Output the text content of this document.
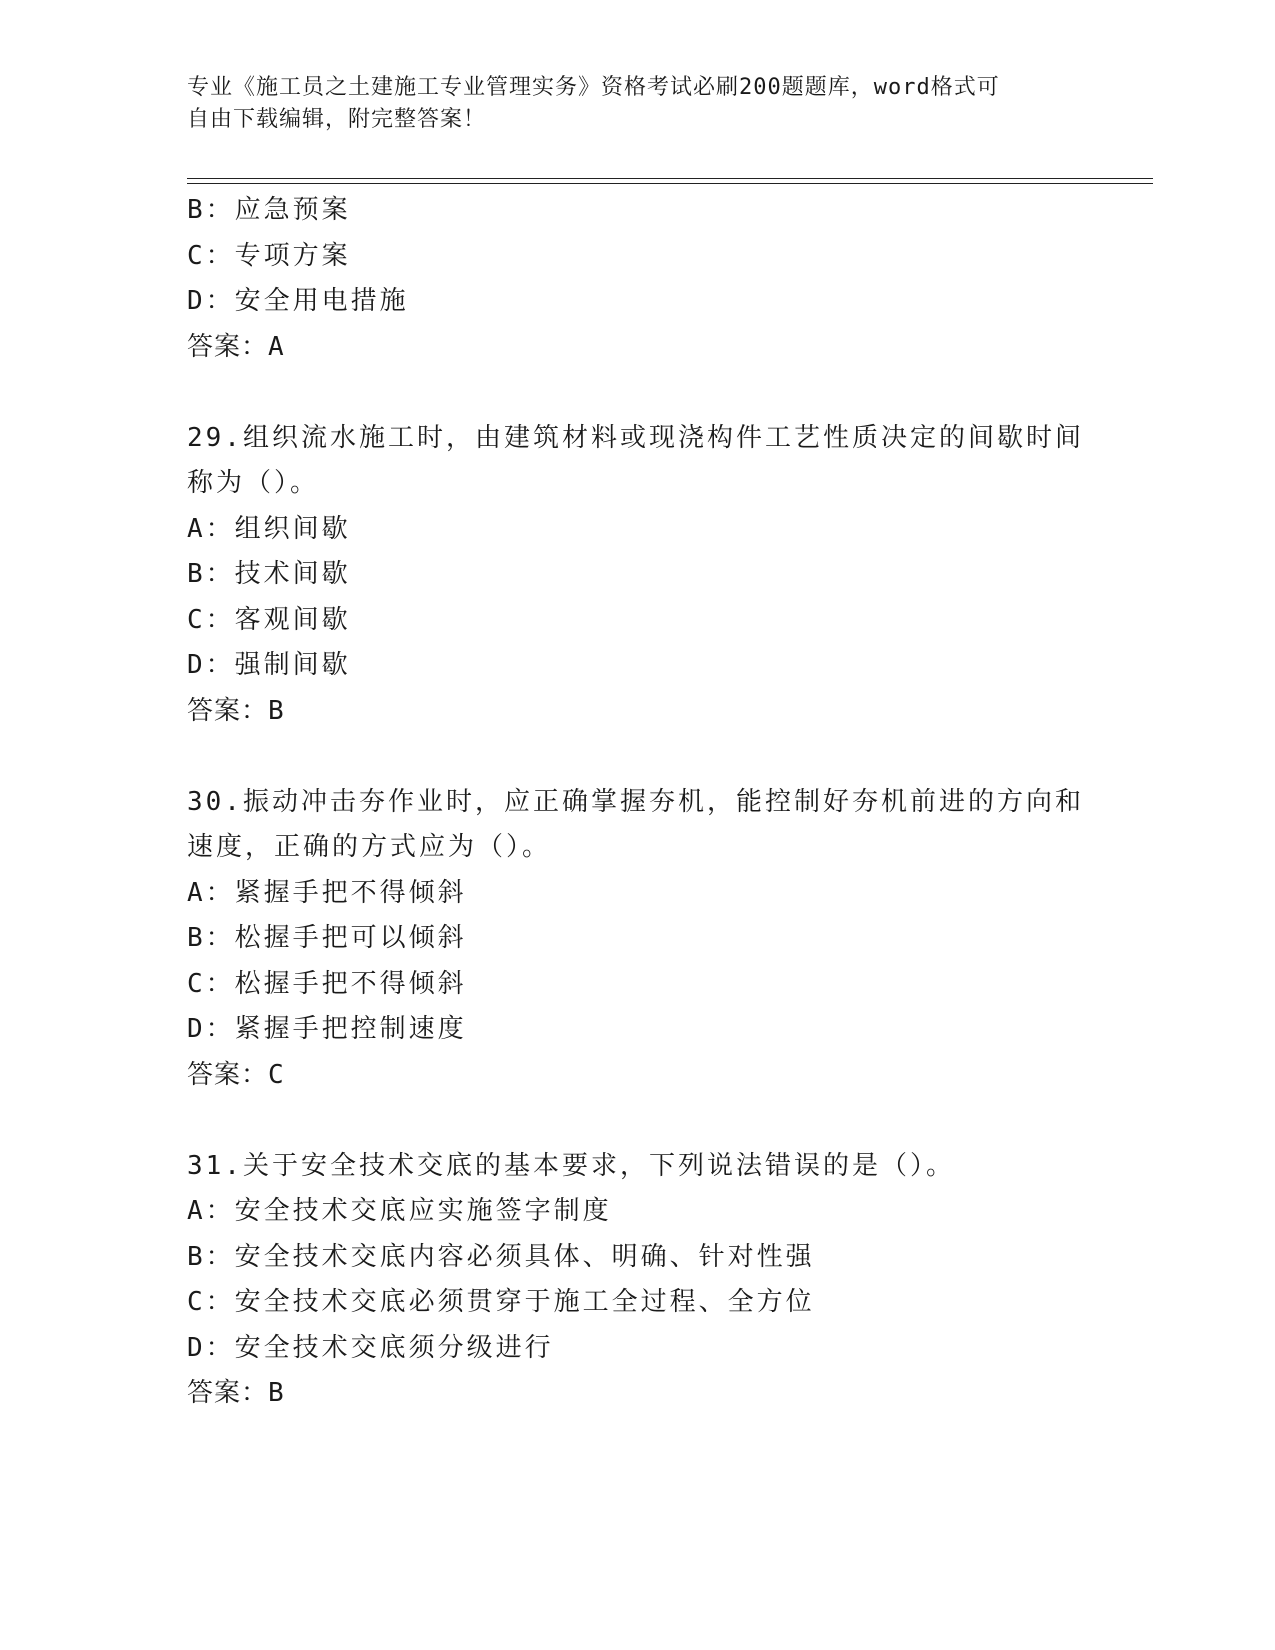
专业《施工员之土建施工专业管理实务》资格考试必刷200题题库，word格式可
自由下载编辑，附完整答案！
B：应急预案
C：专项方案
D：安全用电措施
答案：A
29.组织流水施工时，由建筑材料或现浇构件工艺性质决定的间歇时间
称为（）。
A：组织间歇
B：技术间歇
C：客观间歇
D：强制间歇
答案：B
30.振动冲击夯作业时，应正确掌握夯机，能控制好夯机前进的方向和
速度，正确的方式应为（）。
A：紧握手把不得倾斜
B：松握手把可以倾斜
C：松握手把不得倾斜
D：紧握手把控制速度
答案：C
31.关于安全技术交底的基本要求，下列说法错误的是（）。
A：安全技术交底应实施签字制度
B：安全技术交底内容必须具体、明确、针对性强
C：安全技术交底必须贯穿于施工全过程、全方位
D：安全技术交底须分级进行
答案：B
